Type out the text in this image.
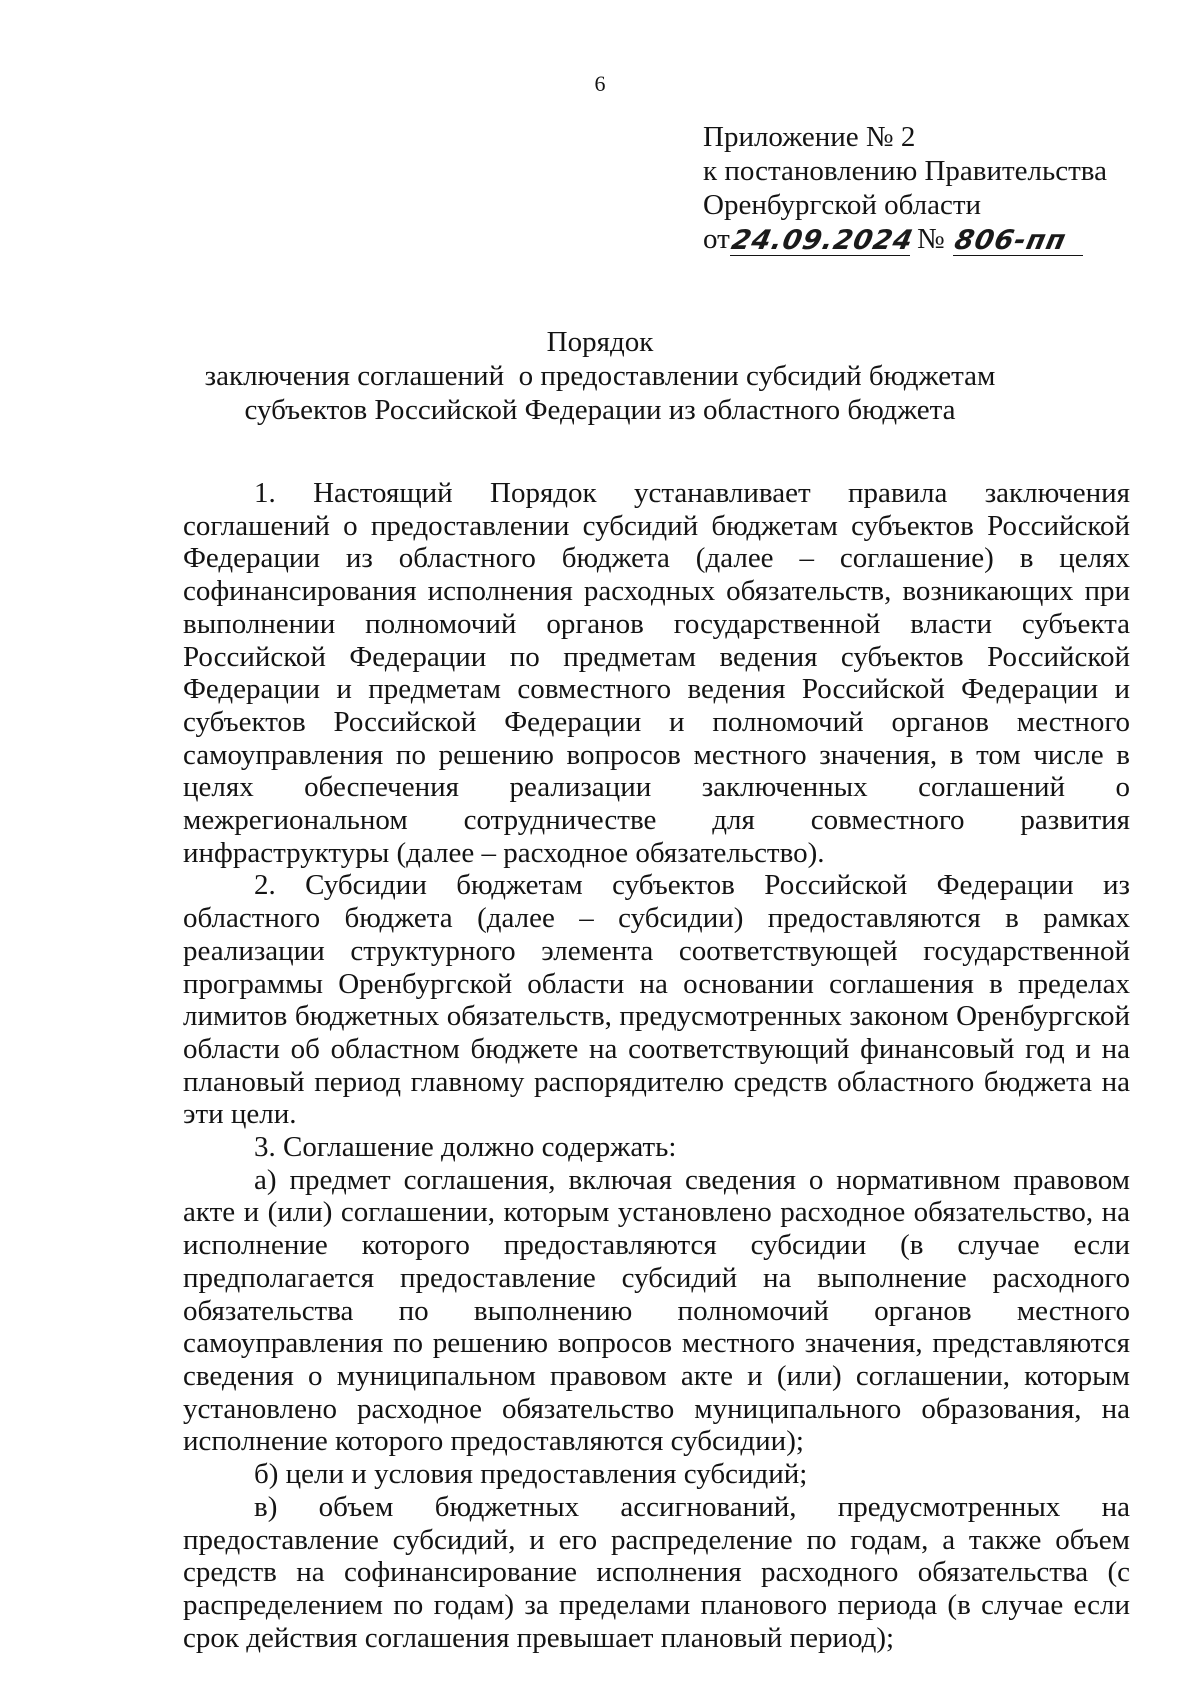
6
Приложение № 2
к постановлению Правительства
Оренбургской области
от
24.09.2024 № 806-пп
Порядок
заключения соглашений  о предоставлении субсидий бюджетам
субъектов Российской Федерации из областного бюджета

1. Настоящий Порядок устанавливает правила заключения соглашений о предоставлении субсидий бюджетам субъектов Российской Федерации из областного бюджета (далее – соглашение) в целях софинансирования исполнения расходных обязательств, возникающих при выполнении полномочий органов государственной власти субъекта Российской Федерации по предметам ведения субъектов Российской Федерации и предметам совместного ведения Российской Федерации и субъектов Российской Федерации и полномочий органов местного самоуправления по решению вопросов местного значения, в том числе в целях обеспечения реализации заключенных соглашений о межрегиональном сотрудничестве для совместного развития инфраструктуры (далее – расходное обязательство).

2. Субсидии бюджетам субъектов Российской Федерации из областного бюджета (далее – субсидии) предоставляются в рамках реализации структурного элемента соответствующей государственной программы Оренбургской области на основании соглашения в пределах лимитов бюджетных обязательств, предусмотренных законом Оренбургской области об областном бюджете на соответствующий финансовый год и на плановый период главному распорядителю средств областного бюджета на эти цели.

3. Соглашение должно содержать:

а) предмет соглашения, включая сведения о нормативном правовом акте и (или) соглашении, которым установлено расходное обязательство, на исполнение которого предоставляются субсидии (в случае если предполагается предоставление субсидий на выполнение расходного обязательства по выполнению полномочий органов местного самоуправления по решению вопросов местного значения, представляются сведения о муниципальном правовом акте и (или) соглашении, которым установлено расходное обязательство муниципального образования, на исполнение которого предоставляются субсидии);

б) цели и условия предоставления субсидий;

в) объем бюджетных ассигнований, предусмотренных на предоставление субсидий, и его распределение по годам, а также объем средств на софинансирование исполнения расходного обязательства (с распределением по годам) за пределами планового периода (в случае если срок действия соглашения превышает плановый период);
